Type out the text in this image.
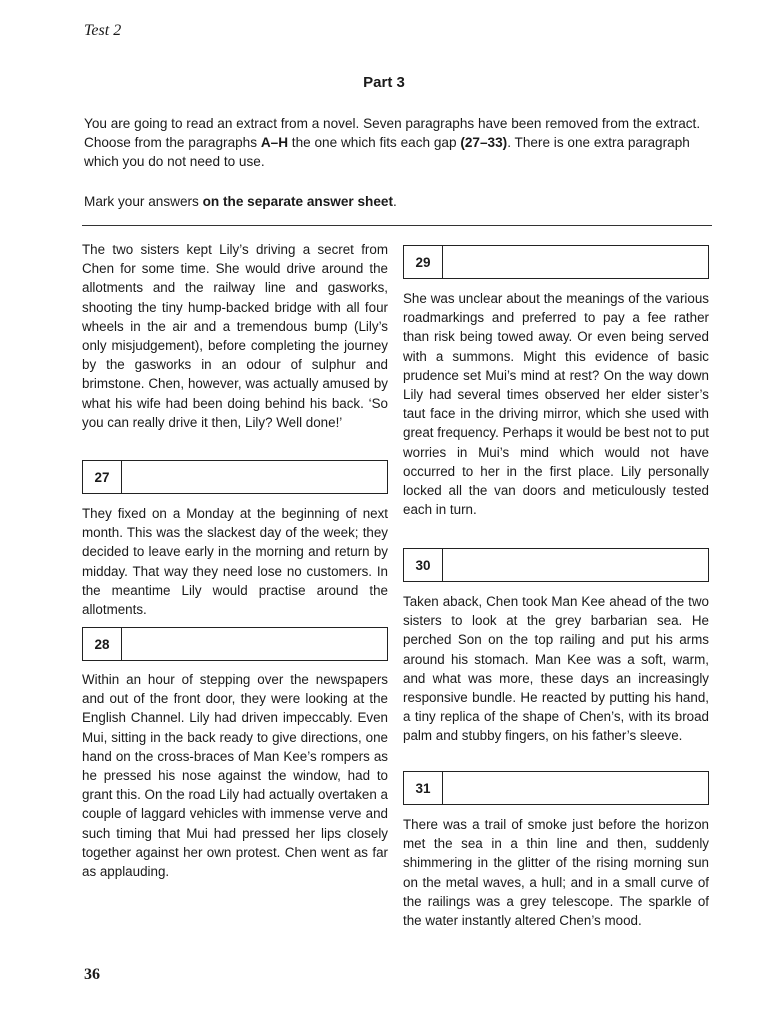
Test 2
Part 3
You are going to read an extract from a novel. Seven paragraphs have been removed from the extract. Choose from the paragraphs A–H the one which fits each gap (27–33). There is one extra paragraph which you do not need to use.
Mark your answers on the separate answer sheet.
The two sisters kept Lily’s driving a secret from Chen for some time. She would drive around the allotments and the railway line and gasworks, shooting the tiny hump-backed bridge with all four wheels in the air and a tremendous bump (Lily’s only misjudgement), before completing the journey by the gasworks in an odour of sulphur and brimstone. Chen, however, was actually amused by what his wife had been doing behind his back. ‘So you can really drive it then, Lily? Well done!’
27
They fixed on a Monday at the beginning of next month. This was the slackest day of the week; they decided to leave early in the morning and return by midday. That way they need lose no customers. In the meantime Lily would practise around the allotments.
28
Within an hour of stepping over the newspapers and out of the front door, they were looking at the English Channel. Lily had driven impeccably. Even Mui, sitting in the back ready to give directions, one hand on the cross-braces of Man Kee’s rompers as he pressed his nose against the window, had to grant this. On the road Lily had actually overtaken a couple of laggard vehicles with immense verve and such timing that Mui had pressed her lips closely together against her own protest. Chen went as far as applauding.
29
She was unclear about the meanings of the various roadmarkings and preferred to pay a fee rather than risk being towed away. Or even being served with a summons. Might this evidence of basic prudence set Mui’s mind at rest? On the way down Lily had several times observed her elder sister’s taut face in the driving mirror, which she used with great frequency. Perhaps it would be best not to put worries in Mui’s mind which would not have occurred to her in the first place. Lily personally locked all the van doors and meticulously tested each in turn.
30
Taken aback, Chen took Man Kee ahead of the two sisters to look at the grey barbarian sea. He perched Son on the top railing and put his arms around his stomach. Man Kee was a soft, warm, and what was more, these days an increasingly responsive bundle. He reacted by putting his hand, a tiny replica of the shape of Chen’s, with its broad palm and stubby fingers, on his father’s sleeve.
31
There was a trail of smoke just before the horizon met the sea in a thin line and then, suddenly shimmering in the glitter of the rising morning sun on the metal waves, a hull; and in a small curve of the railings was a grey telescope. The sparkle of the water instantly altered Chen’s mood.
36
